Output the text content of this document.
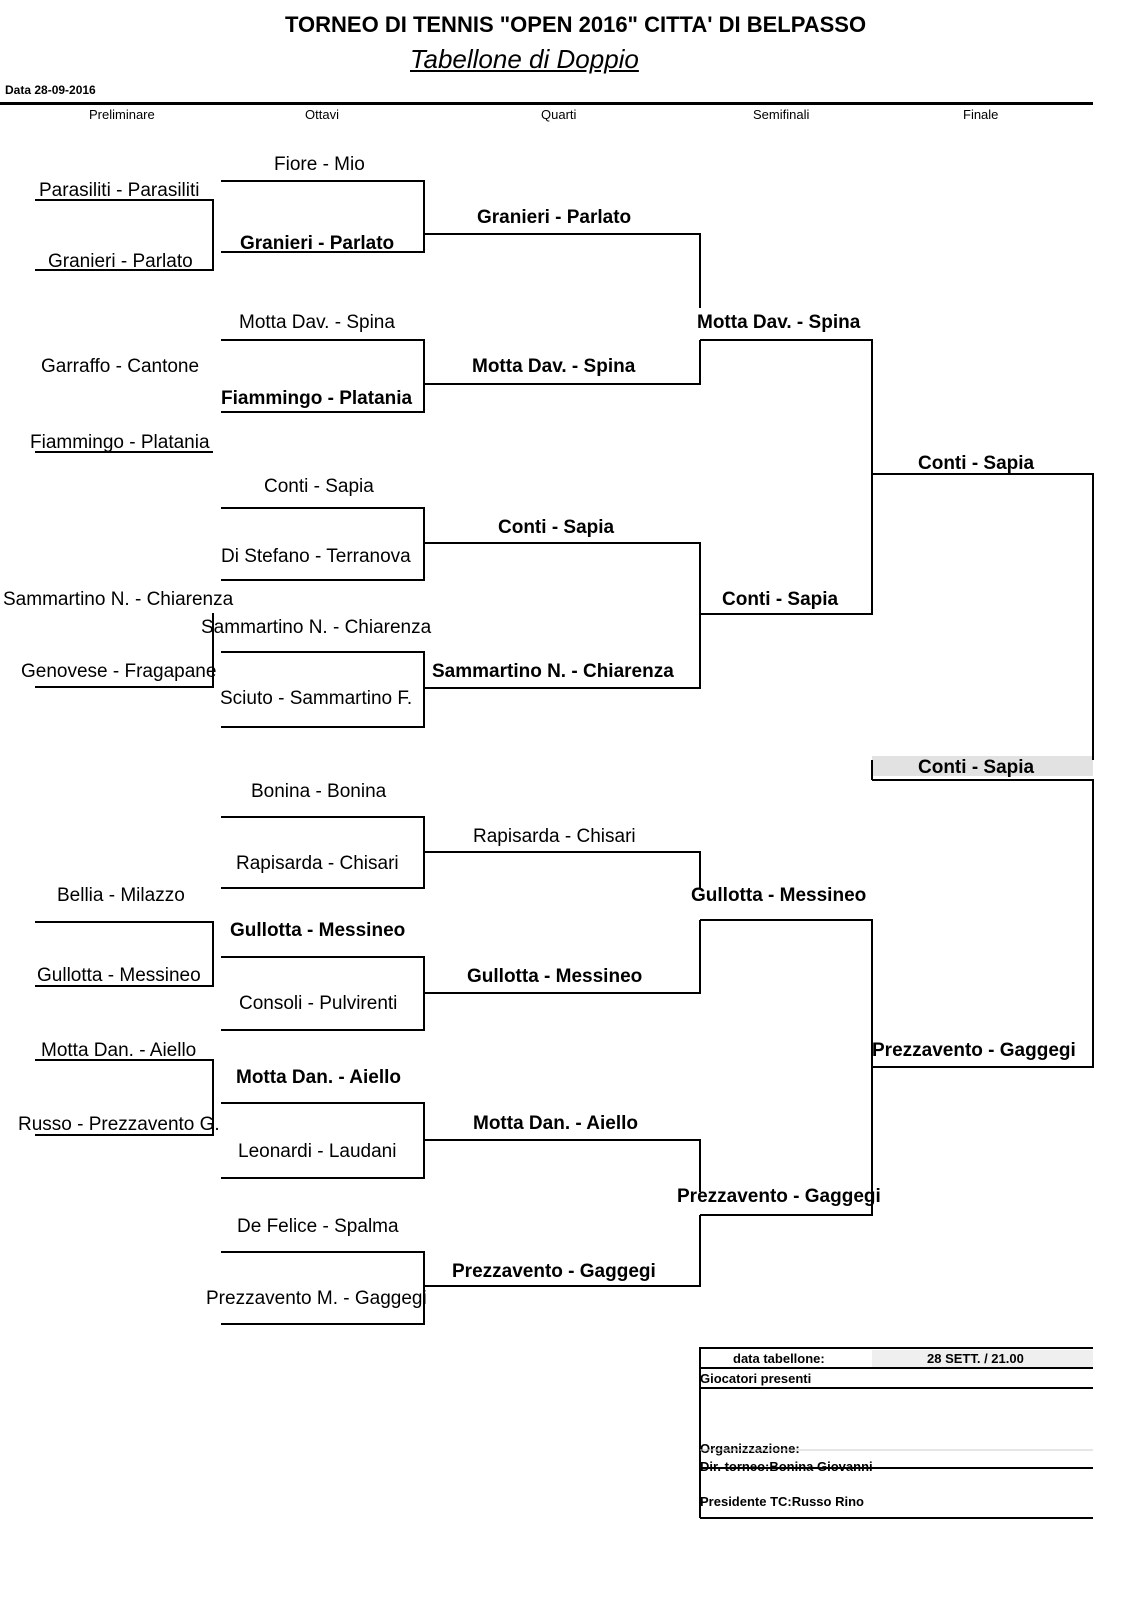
TORNEO DI TENNIS "OPEN 2016" CITTA' DI BELPASSO
Tabellone di Doppio
Data 28-09-2016
Preliminare	Ottavi	Quarti	Semifinali	Finale
Parasiliti - Parasiliti
Granieri - Parlato
Garraffo - Cantone
Fiammingo - Platania
Sammartino N. - Chiarenza
Genovese - Fragapane
Bellia - Milazzo
Gullotta - Messineo
Motta Dan. - Aiello
Russo - Prezzavento G.
Fiore - Mio
Granieri - Parlato
Motta Dav. - Spina
Fiammingo - Platania
Conti - Sapia
Di Stefano - Terranova
Sammartino N. - Chiarenza
Sciuto - Sammartino F.
Bonina - Bonina
Rapisarda - Chisari
Gullotta - Messineo
Consoli - Pulvirenti
Motta Dan. - Aiello
Leonardi - Laudani
De Felice - Spalma
Prezzavento M. - Gaggegi
Granieri - Parlato
Motta Dav. - Spina
Conti - Sapia
Sammartino N. - Chiarenza
Rapisarda - Chisari
Gullotta - Messineo
Motta Dan. - Aiello
Prezzavento - Gaggegi
Motta Dav. - Spina
Conti - Sapia
Gullotta - Messineo
Prezzavento - Gaggegi
Conti - Sapia
Conti - Sapia
Prezzavento - Gaggegi
data tabellone:	28 SETT. / 21.00
Giocatori presenti
Organizzazione:
Dir. torneo:Bonina Giovanni
Presidente TC:Russo Rino
